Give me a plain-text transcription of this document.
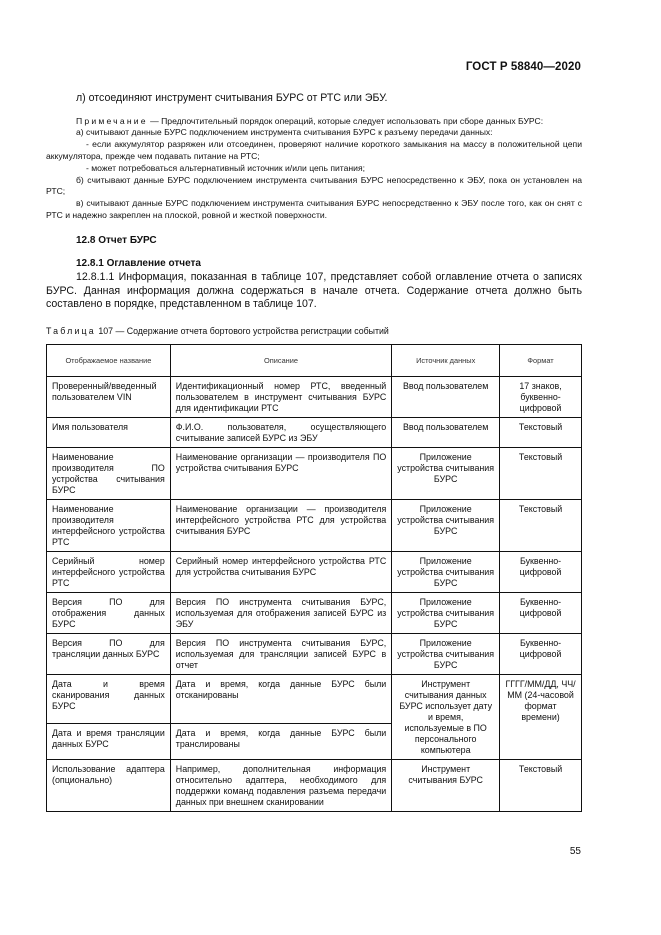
ГОСТ Р 58840—2020

л) отсоединяют инструмент считывания БУРС от РТС или ЭБУ.

Примечание — Предпочтительный порядок операций, которые следует использовать при сборе данных БУРС:

а) считывают данные БУРС подключением инструмента считывания БУРС к разъему передачи данных:

- если аккумулятор разряжен или отсоединен, проверяют наличие короткого замыкания на массу в положительной цепи аккумулятора, прежде чем подавать питание на РТС;

- может потребоваться альтернативный источник и/или цепь питания;

б) считывают данные БУРС подключением инструмента считывания БУРС непосредственно к ЭБУ, пока он установлен на РТС;

в) считывают данные БУРС подключением инструмента считывания БУРС непосредственно к ЭБУ после того, как он снят с РТС и надежно закреплен на плоской, ровной и жесткой поверхности.

12.8 Отчет БУРС

12.8.1 Оглавление отчета

12.8.1.1 Информация, показанная в таблице 107, представляет собой оглавление отчета о записях БУРС. Данная информация должна содержаться в начале отчета. Содержание отчета должно быть составлено в порядке, представленном в таблице 107.

Таблица 107 — Содержание отчета бортового устройства регистрации событий
Отображаемое название	Описание	Источник данных	Формат
Проверенный/введенный пользователем VIN	Идентификационный номер РТС, введенный пользователем в инструмент считывания БУРС для идентификации РТС	Ввод пользователем	17 знаков, буквенно-цифровой
Имя пользователя	Ф.И.О. пользователя, осуществляющего считывание записей БУРС из ЭБУ	Ввод пользователем	Текстовый
Наименование производителя ПО устройства считывания БУРС	Наименование организации — производителя ПО устройства считывания БУРС	Приложение устройства считывания БУРС	Текстовый
Наименование производителя интерфейсного устройства РТС	Наименование организации — производителя интерфейсного устройства РТС для устройства считывания БУРС	Приложение устройства считывания БУРС	Текстовый
Серийный номер интерфейсного устройства РТС	Серийный номер интерфейсного устройства РТС для устройства считывания БУРС	Приложение устройства считывания БУРС	Буквенно-цифровой
Версия ПО для отображения данных БУРС	Версия ПО инструмента считывания БУРС, используемая для отображения записей БУРС из ЭБУ	Приложение устройства считывания БУРС	Буквенно-цифровой
Версия ПО для трансляции данных БУРС	Версия ПО инструмента считывания БУРС, используемая для трансляции записей БУРС в отчет	Приложение устройства считывания БУРС	Буквенно-цифровой
Дата и время сканирования данных БУРС	Дата и время, когда данные БУРС были отсканированы	Инструмент считывания данных БУРС использует дату и время, используемые в ПО персонального компьютера	ГГГГ/ММ/ДД, ЧЧ/ММ (24-часовой формат времени)
Дата и время трансляции данных БУРС	Дата и время, когда данные БУРС были транслированы		
Использование адаптера (опционально)	Например, дополнительная информация относительно адаптера, необходимого для поддержки команд подавления разъема передачи данных при внешнем сканировании	Инструмент считывания БУРС	Текстовый
55
